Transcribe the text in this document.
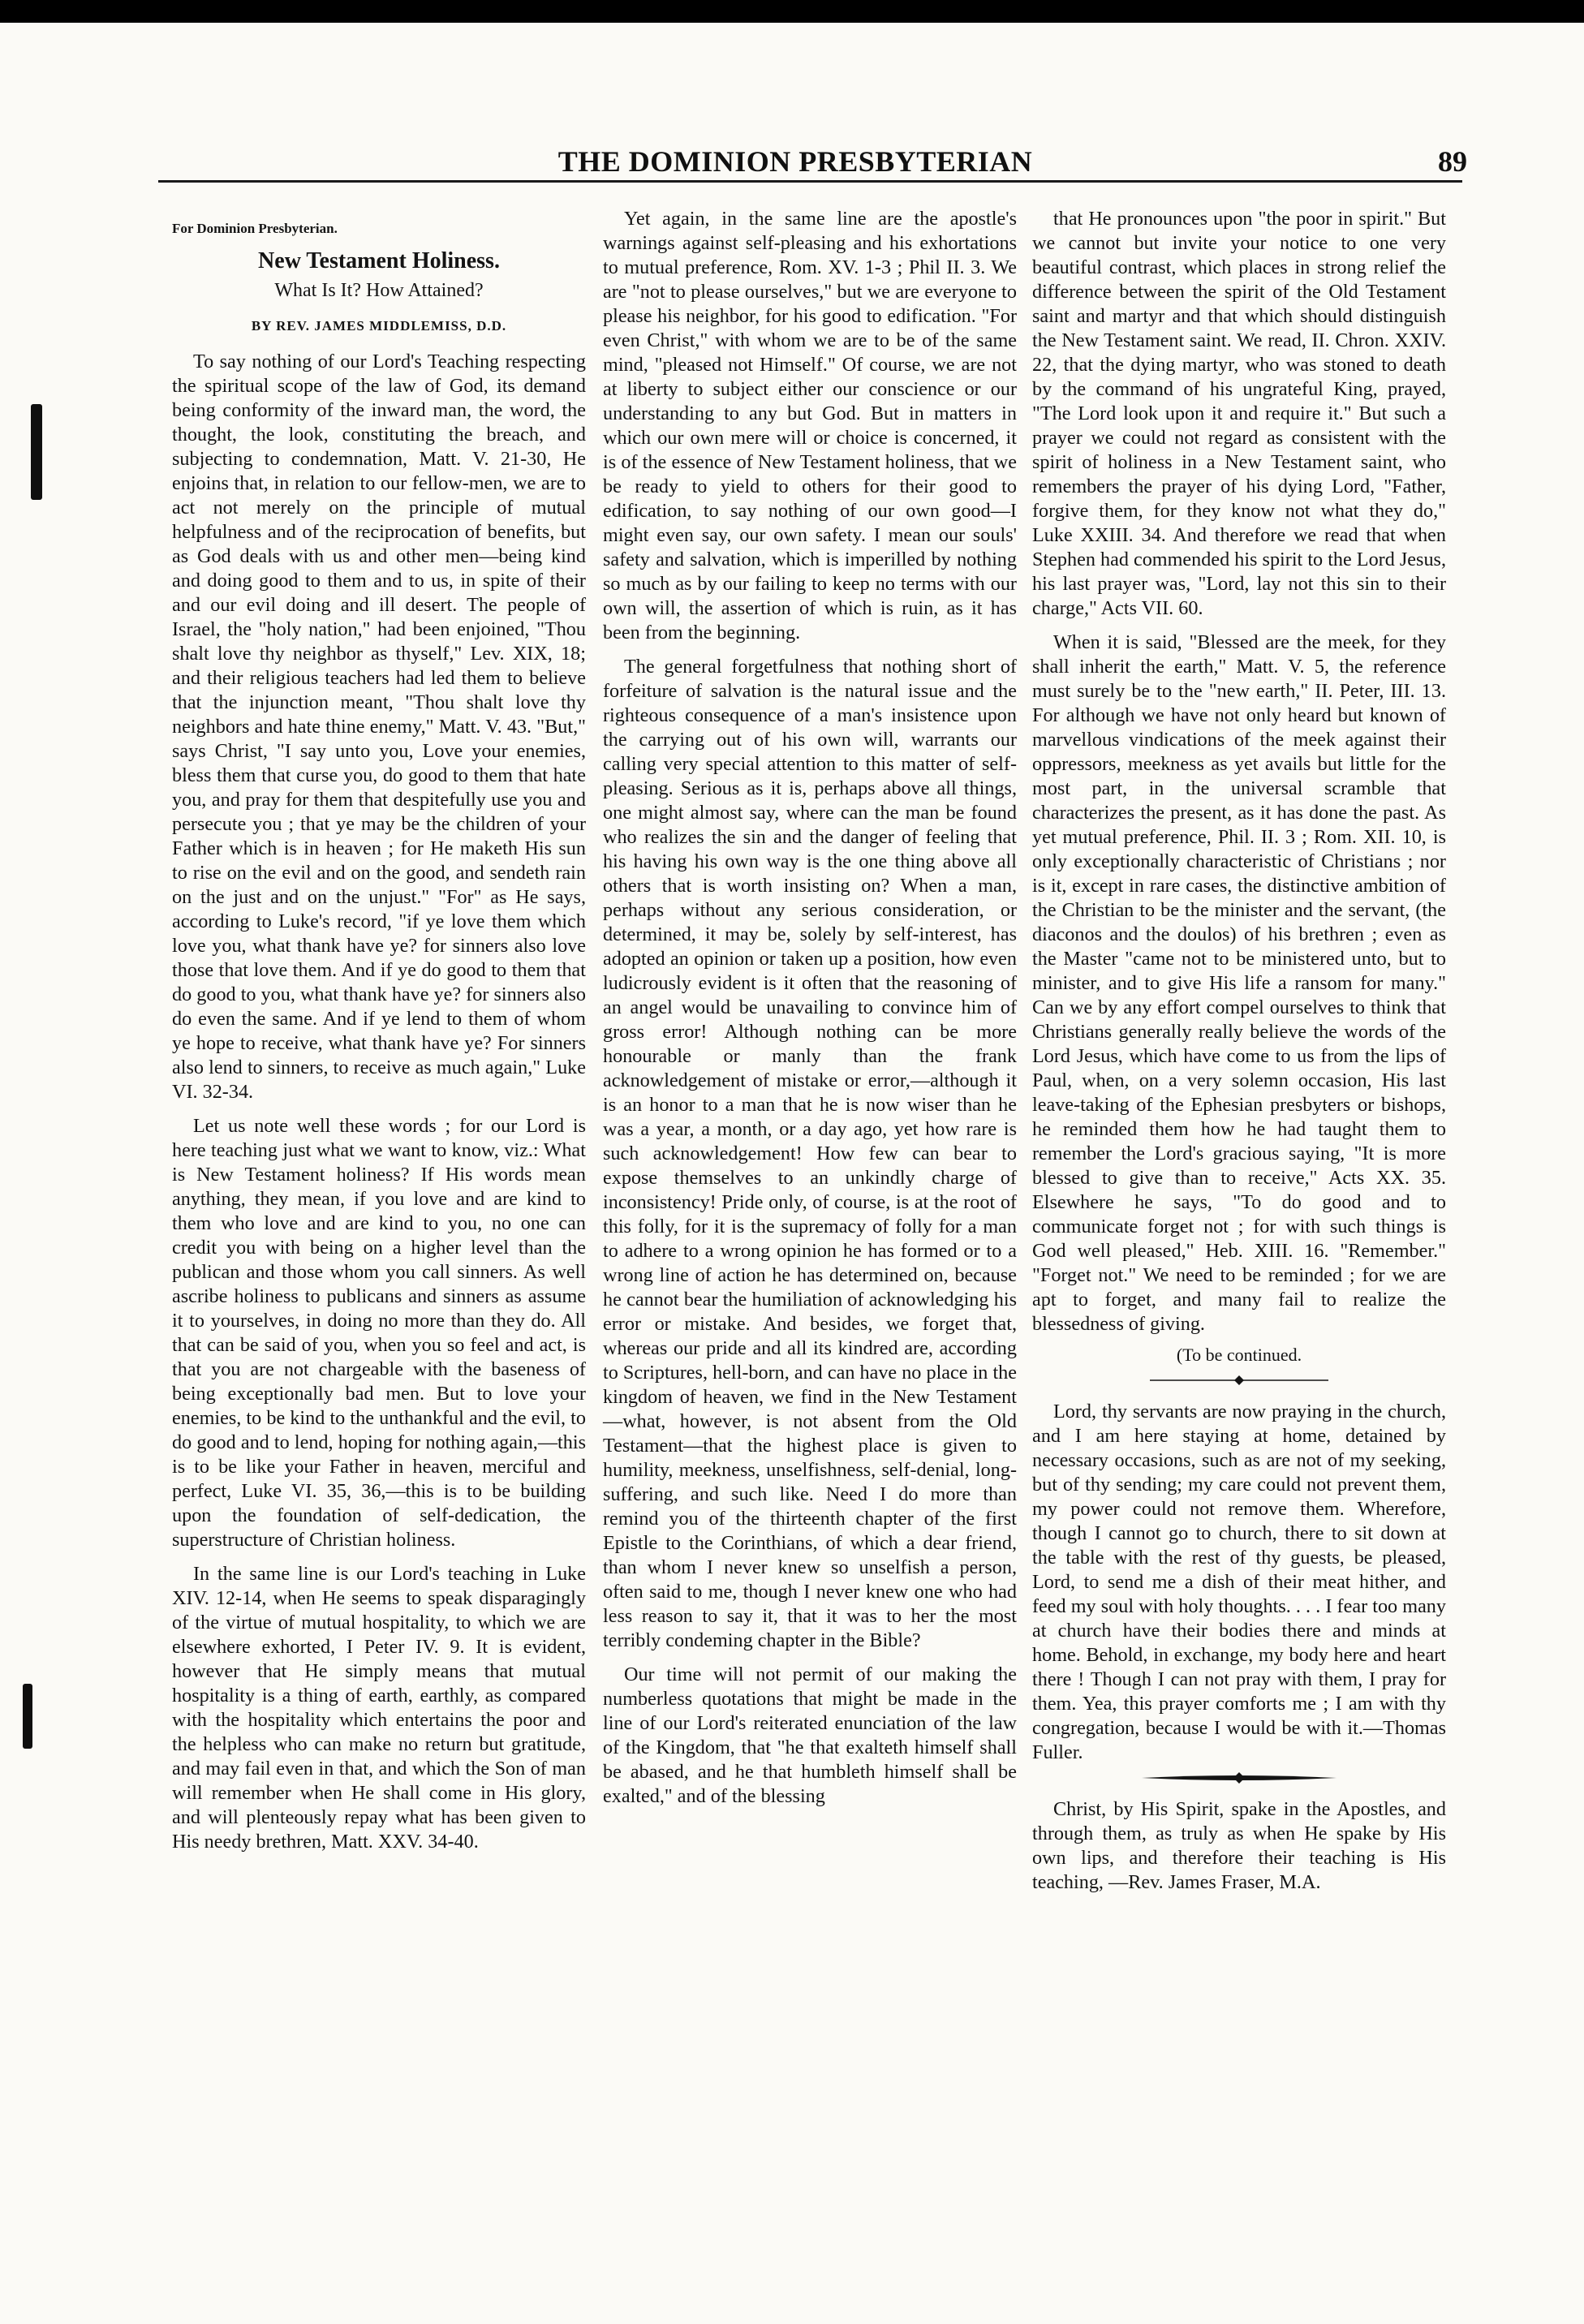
THE DOMINION PRESBYTERIAN	89
For Dominion Presbyterian.
New Testament Holiness.
What Is It? How Attained?
BY REV. JAMES MIDDLEMISS, D.D.

To say nothing of our Lord's Teaching respecting the spiritual scope of the law of God, its demand being conformity of the inward man, the word, the thought, the look, constituting the breach, and subjecting to condemnation, Matt. V. 21-30, He enjoins that, in relation to our fellow-men, we are to act not merely on the principle of mutual helpfulness and of the reciprocation of benefits, but as God deals with us and other men—being kind and doing good to them and to us, in spite of their and our evil doing and ill desert. The people of Israel, the "holy nation," had been enjoined, "Thou shalt love thy neighbor as thyself," Lev. XIX, 18; and their religious teachers had led them to believe that the injunction meant, "Thou shalt love thy neighbors and hate thine enemy," Matt. V. 43. "But," says Christ, "I say unto you, Love your enemies, bless them that curse you, do good to them that hate you, and pray for them that despitefully use you and persecute you ; that ye may be the children of your Father which is in heaven ; for He maketh His sun to rise on the evil and on the good, and sendeth rain on the just and on the unjust." "For" as He says, according to Luke's record, "if ye love them which love you, what thank have ye? for sinners also love those that love them. And if ye do good to them that do good to you, what thank have ye? for sinners also do even the same. And if ye lend to them of whom ye hope to receive, what thank have ye? For sinners also lend to sinners, to receive as much again," Luke VI. 32-34.

Let us note well these words ; for our Lord is here teaching just what we want to know, viz.: What is New Testament holiness? If His words mean anything, they mean, if you love and are kind to them who love and are kind to you, no one can credit you with being on a higher level than the publican and those whom you call sinners. As well ascribe holiness to publicans and sinners as assume it to yourselves, in doing no more than they do. All that can be said of you, when you so feel and act, is that you are not chargeable with the baseness of being exceptionally bad men. But to love your enemies, to be kind to the unthankful and the evil, to do good and to lend, hoping for nothing again,—this is to be like your Father in heaven, merciful and perfect, Luke VI. 35, 36,—this is to be building upon the foundation of self-dedication, the superstructure of Christian holiness.

In the same line is our Lord's teaching in Luke XIV. 12-14, when He seems to speak disparagingly of the virtue of mutual hospitality, to which we are elsewhere exhorted, I Peter IV. 9. It is evident, however that He simply means that mutual hospitality is a thing of earth, earthly, as compared with the hospitality which entertains the poor and the helpless who can make no return but gratitude, and may fail even in that, and which the Son of man will remember when He shall come in His glory, and will plenteously repay what has been given to His needy brethren, Matt. XXV. 34-40.

Yet again, in the same line are the apostle's warnings against self-pleasing and his exhortations to mutual preference, Rom. XV. 1-3 ; Phil II. 3. We are "not to please ourselves," but we are everyone to please his neighbor, for his good to edification. "For even Christ," with whom we are to be of the same mind, "pleased not Himself." Of course, we are not at liberty to subject either our conscience or our understanding to any but God. But in matters in which our own mere will or choice is concerned, it is of the essence of New Testament holiness, that we be ready to yield to others for their good to edification, to say nothing of our own good—I might even say, our own safety. I mean our souls' safety and salvation, which is imperilled by nothing so much as by our failing to keep no terms with our own will, the assertion of which is ruin, as it has been from the beginning.

The general forgetfulness that nothing short of forfeiture of salvation is the natural issue and the righteous consequence of a man's insistence upon the carrying out of his own will, warrants our calling very special attention to this matter of self-pleasing. Serious as it is, perhaps above all things, one might almost say, where can the man be found who realizes the sin and the danger of feeling that his having his own way is the one thing above all others that is worth insisting on? When a man, perhaps without any serious consideration, or determined, it may be, solely by self-interest, has adopted an opinion or taken up a position, how even ludicrously evident is it often that the reasoning of an angel would be unavailing to convince him of gross error! Although nothing can be more honourable or manly than the frank acknowledgement of mistake or error,—although it is an honor to a man that he is now wiser than he was a year, a month, or a day ago, yet how rare is such acknowledgement! How few can bear to expose themselves to an unkindly charge of inconsistency! Pride only, of course, is at the root of this folly, for it is the supremacy of folly for a man to adhere to a wrong opinion he has formed or to a wrong line of action he has determined on, because he cannot bear the humiliation of acknowledging his error or mistake. And besides, we forget that, whereas our pride and all its kindred are, according to Scriptures, hell-born, and can have no place in the kingdom of heaven, we find in the New Testament—what, however, is not absent from the Old Testament—that the highest place is given to humility, meekness, unselfishness, self-denial, long-suffering, and such like. Need I do more than remind you of the thirteenth chapter of the first Epistle to the Corinthians, of which a dear friend, than whom I never knew so unselfish a person, often said to me, though I never knew one who had less reason to say it, that it was to her the most terribly condeming chapter in the Bible?

Our time will not permit of our making the numberless quotations that might be made in the line of our Lord's reiterated enunciation of the law of the Kingdom, that "he that exalteth himself shall be abased, and he that humbleth himself shall be exalted," and of the blessing

that He pronounces upon "the poor in spirit." But we cannot but invite your notice to one very beautiful contrast, which places in strong relief the difference between the spirit of the Old Testament saint and martyr and that which should distinguish the New Testament saint. We read, II. Chron. XXIV. 22, that the dying martyr, who was stoned to death by the command of his ungrateful King, prayed, "The Lord look upon it and require it." But such a prayer we could not regard as consistent with the spirit of holiness in a New Testament saint, who remembers the prayer of his dying Lord, "Father, forgive them, for they know not what they do," Luke XXIII. 34. And therefore we read that when Stephen had commended his spirit to the Lord Jesus, his last prayer was, "Lord, lay not this sin to their charge," Acts VII. 60.

When it is said, "Blessed are the meek, for they shall inherit the earth," Matt. V. 5, the reference must surely be to the "new earth," II. Peter, III. 13. For although we have not only heard but known of marvellous vindications of the meek against their oppressors, meekness as yet avails but little for the most part, in the universal scramble that characterizes the present, as it has done the past. As yet mutual preference, Phil. II. 3 ; Rom. XII. 10, is only exceptionally characteristic of Christians ; nor is it, except in rare cases, the distinctive ambition of the Christian to be the minister and the servant, (the diaconos and the doulos) of his brethren ; even as the Master "came not to be ministered unto, but to minister, and to give His life a ransom for many." Can we by any effort compel ourselves to think that Christians generally really believe the words of the Lord Jesus, which have come to us from the lips of Paul, when, on a very solemn occasion, His last leave-taking of the Ephesian presbyters or bishops, he reminded them how he had taught them to remember the Lord's gracious saying, "It is more blessed to give than to receive," Acts XX. 35. Elsewhere he says, "To do good and to communicate forget not ; for with such things is God well pleased," Heb. XIII. 16. "Remember." "Forget not." We need to be reminded ; for we are apt to forget, and many fail to realize the blessedness of giving.

(To be continued.

Lord, thy servants are now praying in the church, and I am here staying at home, detained by necessary occasions, such as are not of my seeking, but of thy sending; my care could not prevent them, my power could not remove them. Wherefore, though I cannot go to church, there to sit down at the table with the rest of thy guests, be pleased, Lord, to send me a dish of their meat hither, and feed my soul with holy thoughts. . . . I fear too many at church have their bodies there and minds at home. Behold, in exchange, my body here and heart there ! Though I can not pray with them, I pray for them. Yea, this prayer comforts me ; I am with thy congregation, because I would be with it.—Thomas Fuller.

Christ, by His Spirit, spake in the Apostles, and through them, as truly as when He spake by His own lips, and therefore their teaching is His teaching, —Rev. James Fraser, M.A.
